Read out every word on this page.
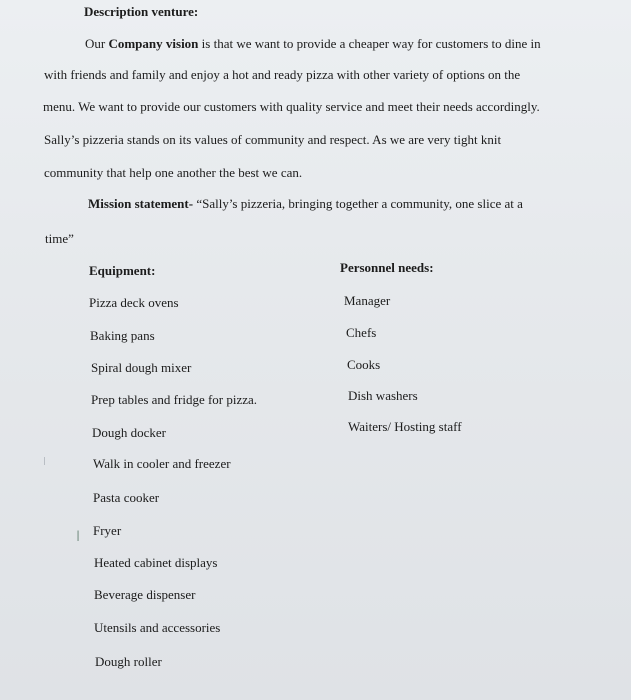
Description venture:
Our Company vision is that we want to provide a cheaper way for customers to dine in
with friends and family and enjoy a hot and ready pizza with other variety of options on the
menu. We want to provide our customers with quality service and meet their needs accordingly.
Sally’s pizzeria stands on its values of community and respect. As we are very tight knit
community that help one another the best we can.
Mission statement- “Sally’s pizzeria, bringing together a community, one slice at a
time”
Equipment:	Personnel needs:
Pizza deck ovens
Baking pans
Spiral dough mixer
Prep tables and fridge for pizza.
Dough docker
Walk in cooler and freezer
Pasta cooker
Fryer
Heated cabinet displays
Beverage dispenser
Utensils and accessories
Dough roller
Manager
Chefs
Cooks
Dish washers
Waiters/ Hosting staff
I
